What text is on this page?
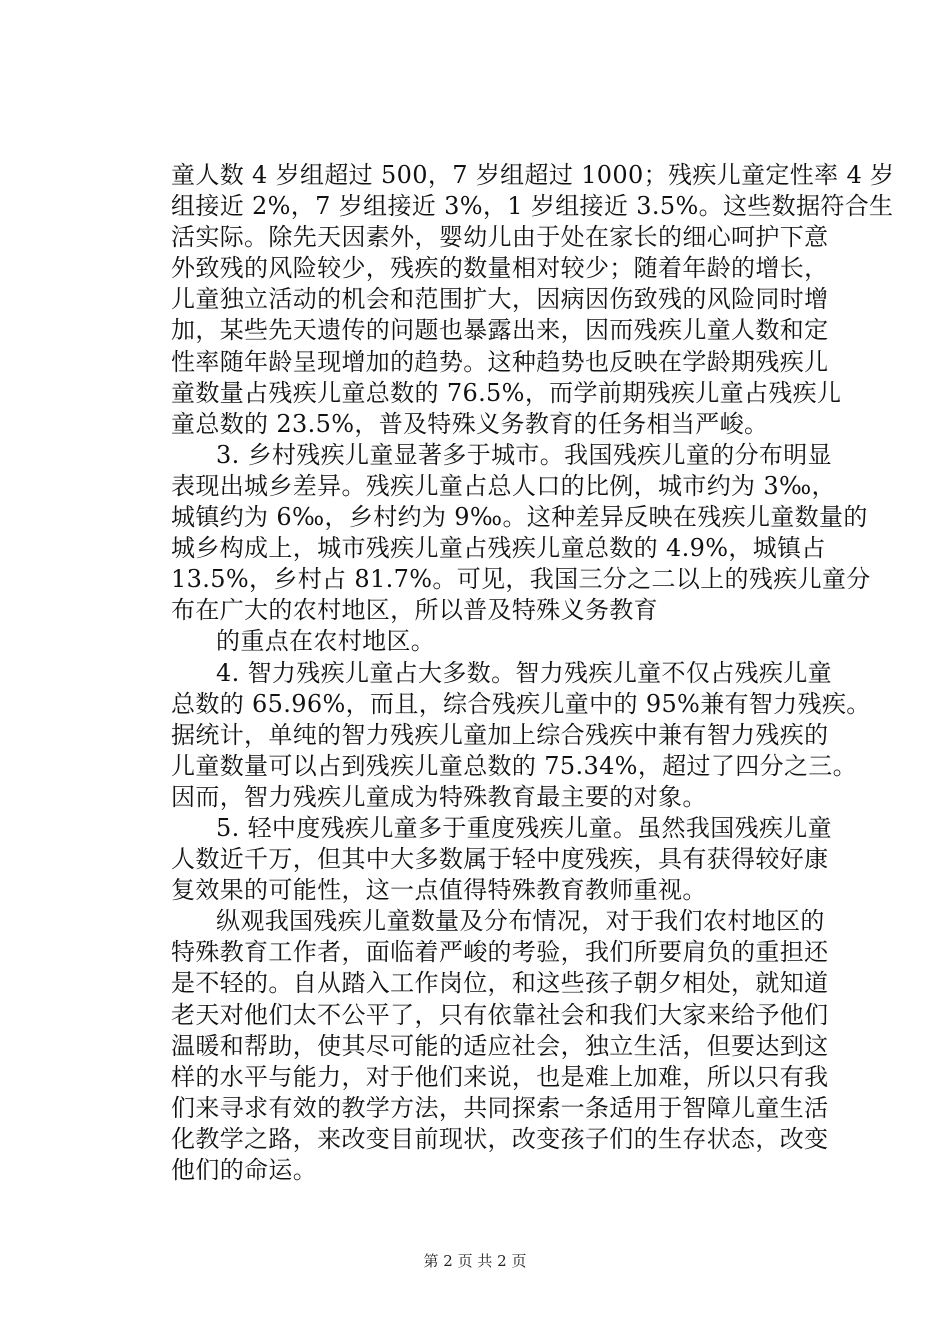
童人数 4 岁组超过 500，7 岁组超过 1000；残疾儿童定性率 4 岁
组接近 2%，7 岁组接近 3%，1 岁组接近 3.5%。这些数据符合生
活实际。除先天因素外，婴幼儿由于处在家长的细心呵护下意
外致残的风险较少，残疾的数量相对较少；随着年龄的增长，
儿童独立活动的机会和范围扩大，因病因伤致残的风险同时增
加，某些先天遗传的问题也暴露出来，因而残疾儿童人数和定
性率随年龄呈现增加的趋势。这种趋势也反映在学龄期残疾儿
童数量占残疾儿童总数的 76.5%，而学前期残疾儿童占残疾儿
童总数的 23.5%，普及特殊义务教育的任务相当严峻。
3. 乡村残疾儿童显著多于城市。我国残疾儿童的分布明显
表现出城乡差异。残疾儿童占总人口的比例，城市约为 3‰，
城镇约为 6‰，乡村约为 9‰。这种差异反映在残疾儿童数量的
城乡构成上，城市残疾儿童占残疾儿童总数的 4.9%，城镇占
13.5%，乡村占 81.7%。可见，我国三分之二以上的残疾儿童分
布在广大的农村地区，所以普及特殊义务教育
的重点在农村地区。
4. 智力残疾儿童占大多数。智力残疾儿童不仅占残疾儿童
总数的 65.96%，而且，综合残疾儿童中的 95%兼有智力残疾。
据统计，单纯的智力残疾儿童加上综合残疾中兼有智力残疾的
儿童数量可以占到残疾儿童总数的 75.34%，超过了四分之三。
因而，智力残疾儿童成为特殊教育最主要的对象。
5. 轻中度残疾儿童多于重度残疾儿童。虽然我国残疾儿童
人数近千万，但其中大多数属于轻中度残疾，具有获得较好康
复效果的可能性，这一点值得特殊教育教师重视。
纵观我国残疾儿童数量及分布情况，对于我们农村地区的
特殊教育工作者，面临着严峻的考验，我们所要肩负的重担还
是不轻的。自从踏入工作岗位，和这些孩子朝夕相处，就知道
老天对他们太不公平了，只有依靠社会和我们大家来给予他们
温暖和帮助，使其尽可能的适应社会，独立生活，但要达到这
样的水平与能力，对于他们来说，也是难上加难，所以只有我
们来寻求有效的教学方法，共同探索一条适用于智障儿童生活
化教学之路，来改变目前现状，改变孩子们的生存状态，改变
他们的命运。
第 2 页 共 2 页
